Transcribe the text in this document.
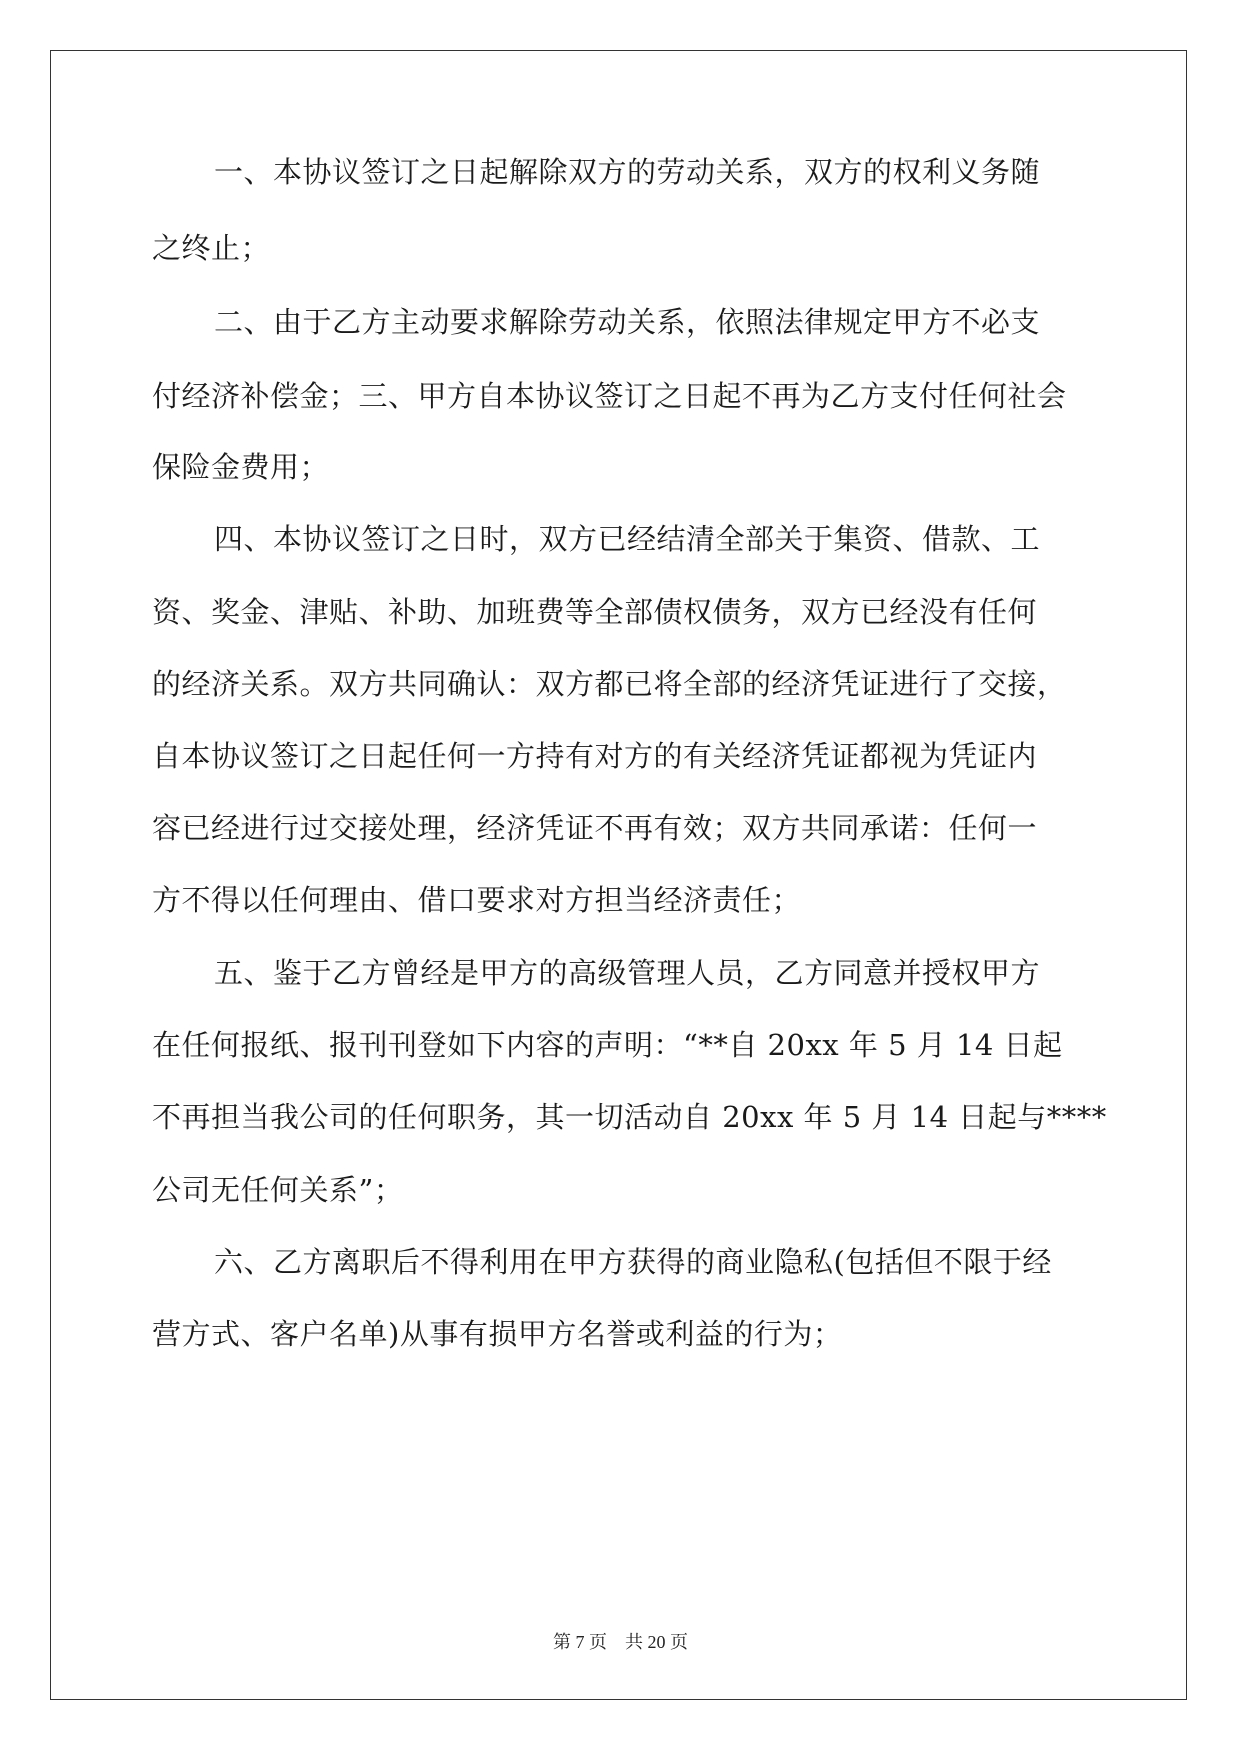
一、本协议签订之日起解除双方的劳动关系，双方的权利义务随
之终止；
二、由于乙方主动要求解除劳动关系，依照法律规定甲方不必支
付经济补偿金；三、甲方自本协议签订之日起不再为乙方支付任何社会
保险金费用；
四、本协议签订之日时，双方已经结清全部关于集资、借款、工
资、奖金、津贴、补助、加班费等全部债权债务，双方已经没有任何
的经济关系。双方共同确认：双方都已将全部的经济凭证进行了交接，
自本协议签订之日起任何一方持有对方的有关经济凭证都视为凭证内
容已经进行过交接处理，经济凭证不再有效；双方共同承诺：任何一
方不得以任何理由、借口要求对方担当经济责任；
五、鉴于乙方曾经是甲方的高级管理人员，乙方同意并授权甲方
在任何报纸、报刊刊登如下内容的声明：“**自 20xx 年 5 月 14 日起
不再担当我公司的任何职务，其一切活动自 20xx 年 5 月 14 日起与****
公司无任何关系”；
六、乙方离职后不得利用在甲方获得的商业隐私(包括但不限于经
营方式、客户名单)从事有损甲方名誉或利益的行为；
第 7 页　共 20 页
